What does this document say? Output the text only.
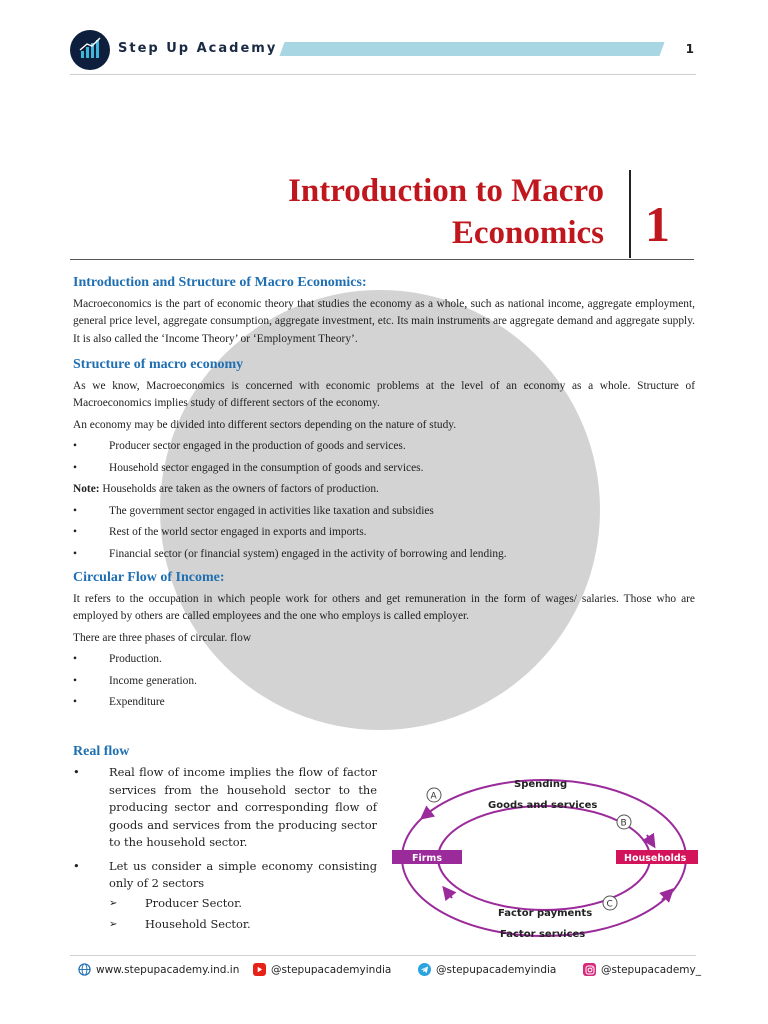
Step Up Academy	1
Introduction to Macro
Economics 1
Introduction and Structure of Macro Economics:

Macroeconomics is the part of economic theory that studies the economy as a whole, such as national income, aggregate employment, general price level, aggregate consumption, aggregate investment, etc. Its main instruments are aggregate demand and aggregate supply. It is also called the ‘Income Theory’ or ‘Employment Theory’.

Structure of macro economy

As we know, Macroeconomics is concerned with economic problems at the level of an economy as a whole. Structure of Macroeconomics implies study of different sectors of the economy.

An economy may be divided into different sectors depending on the nature of study.

•	Producer sector engaged in the production of goods and services.
•	Household sector engaged in the consumption of goods and services.

Note: Households are taken as the owners of factors of production.

•	The government sector engaged in activities like taxation and subsidies
•	Rest of the world sector engaged in exports and imports.
•	Financial sector (or financial system) engaged in the activity of borrowing and lending.
Circular Flow of Income:

It refers to the occupation in which people work for others and get remuneration in the form of wages/ salaries. Those who are employed by others are called employees and the one who employs is called employer.

There are three phases of circular. flow

•	Production.
•	Income generation.
•	Expenditure
Real flow
•	Real flow of income implies the flow of factor services from the household sector to the producing sector and corresponding flow of goods and services from the producing sector to the household sector.
•	Let us consider a simple economy consisting only of 2 sectors
➢ Producer Sector.
➢ Household Sector.
Firms	Households
Spending
Goods and services
Factor payments
Factor services
A
B
C
www.stepupacademy.ind.in	@stepupacademyindia	@stepupacademyindia	@stepupacademy_
